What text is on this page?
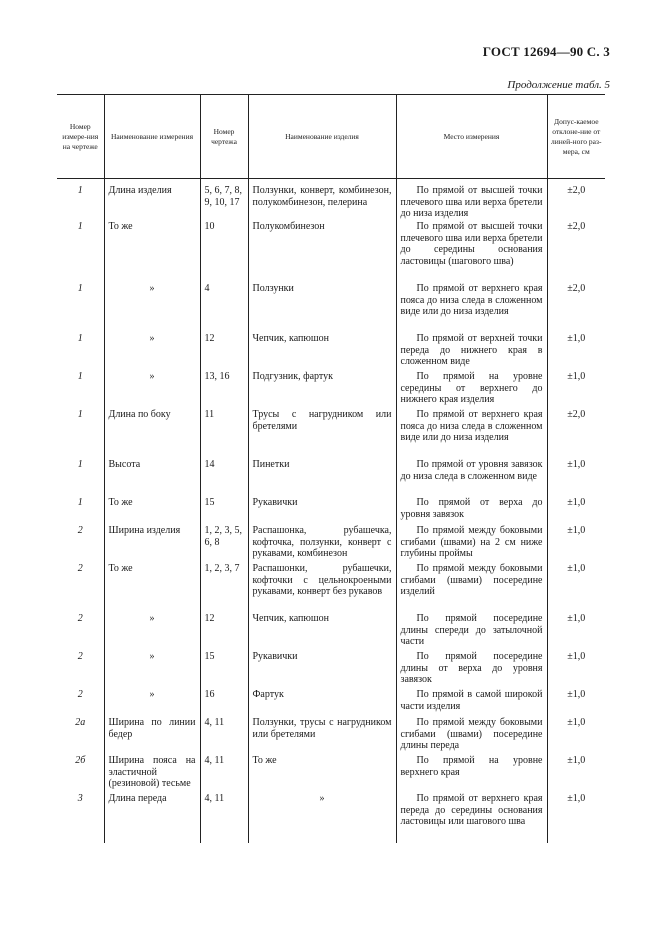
ГОСТ 12694—90 С. 3
Продолжение табл. 5
Номер измере-ния на чертеже	Наименование измерения	Номер чертежа	Наименование изделия	Место измерения	Допус-каемое отклоне-ние от линей-ного раз-мера, см
1	Длина изделия	5, 6, 7, 8, 9, 10, 17	Ползунки, конверт, комбинезон, полукомбинезон, пелерина	По прямой от высшей точки плечевого шва или верха бретели до низа изделия	±2,0
1	То же	10	Полукомбинезон	По прямой от высшей точки плечевого шва или верха бретели до середины основания ластовицы (шагового шва)	±2,0
1	»	4	Ползунки	По прямой от верхнего края пояса до низа следа в сложенном виде или до низа изделия	±2,0
1	»	12	Чепчик, капюшон	По прямой от верхней точки переда до нижнего края в сложенном виде	±1,0
1	»	13, 16	Подгузник, фартук	По прямой на уровне середины от верхнего до нижнего края изделия	±1,0
1	Длина по боку	11	Трусы с нагрудником или бретелями	По прямой от верхнего края пояса до низа следа в сложенном виде или до низа изделия	±2,0
1	Высота	14	Пинетки	По прямой от уровня завязок до низа следа в сложенном виде	±1,0
1	То же	15	Рукавички	По прямой от верха до уровня завязок	±1,0
2	Ширина изделия	1, 2, 3, 5, 6, 8	Распашонка, рубашечка, кофточка, ползунки, конверт с рукавами, комбинезон	По прямой между боковыми сгибами (швами) на 2 см ниже глубины проймы	±1,0
2	То же	1, 2, 3, 7	Распашонки, рубашечки, кофточки с цельнокроеными рукавами, конверт без рукавов	По прямой между боковыми сгибами (швами) посередине изделий	±1,0
2	»	12	Чепчик, капюшон	По прямой посередине длины спереди до затылочной части	±1,0
2	»	15	Рукавички	По прямой посередине длины от верха до уровня завязок	±1,0
2	»	16	Фартук	По прямой в самой широкой части изделия	±1,0
2а	Ширина по линии бедер	4, 11	Ползунки, трусы с нагрудником или бретелями	По прямой между боковыми сгибами (швами) посередине длины переда	±1,0
2б	Ширина пояса на эластичной (резиновой) тесьме	4, 11	То же	По прямой на уровне верхнего края	±1,0
3	Длина переда	4, 11	»	По прямой от верхнего края переда до середины основания ластовицы или шагового шва	±1,0
